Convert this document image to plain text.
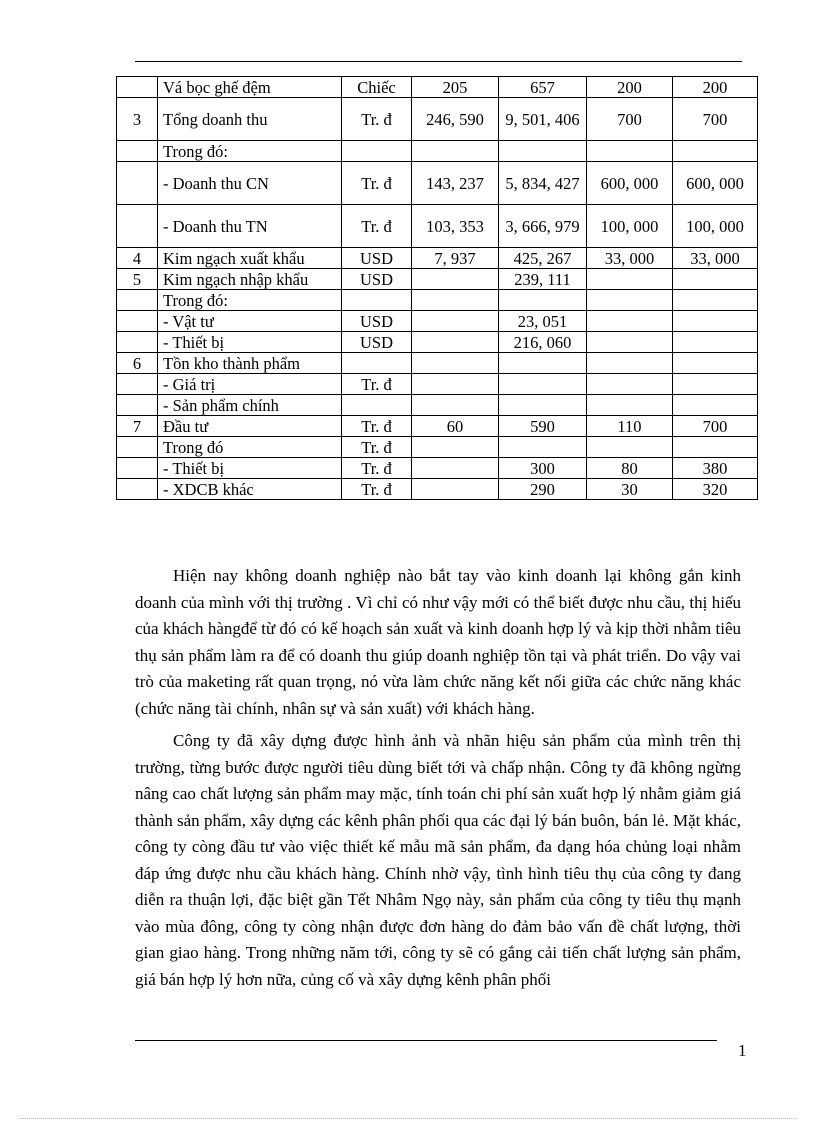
	Vá bọc ghế đệm	Chiếc	205	657	200	200
3	Tổng doanh thu	Tr. đ	246, 590	9, 501, 406	700	700
	Trong đó:					
	- Doanh thu CN	Tr. đ	143, 237	5, 834, 427	600, 000	600, 000
	- Doanh thu TN	Tr. đ	103, 353	3, 666, 979	100, 000	100, 000
4	Kim ngạch xuất khẩu	USD	7, 937	425, 267	33, 000	33, 000
5	Kim ngạch nhập khẩu	USD		239, 111		
	Trong đó:					
	- Vật tư	USD		23, 051		
	- Thiết bị	USD		216, 060		
6	Tồn kho thành phẩm					
	- Giá trị	Tr. đ				
	- Sản phẩm chính					
7	Đầu tư	Tr. đ	60	590	110	700
	Trong đó	Tr. đ				
	- Thiết bị	Tr. đ		300	80	380
	- XDCB khác	Tr. đ		290	30	320

Hiện nay không doanh nghiệp nào bắt tay vào kinh doanh lại không gắn kinh doanh của mình với thị trường . Vì chỉ có như vậy mới có thể biết được nhu cầu, thị hiếu của khách hàngđể từ đó có kế hoạch sản xuất và kinh doanh hợp lý và kịp thời nhằm tiêu thụ sản phẩm làm ra để có doanh thu giúp doanh nghiệp tồn tại và phát triển. Do vậy vai trò của maketing rất quan trọng, nó vừa làm chức năng kết nối giữa các chức năng khác (chức năng tài chính, nhân sự và sản xuất) với khách hàng.

Công ty đã xây dựng được hình ảnh và nhãn hiệu sản phẩm của mình trên thị trường, từng bước được người tiêu dùng biết tới và chấp nhận. Công ty đã không ngừng nâng cao chất lượng sản phẩm may mặc, tính toán chi phí sản xuất hợp lý nhằm giảm giá thành sản phẩm, xây dựng các kênh phân phối qua các đại lý bán buôn, bán lẻ. Mặt khác, công ty còng đầu tư vào việc thiết kế mẫu mã sản phẩm, đa dạng hóa chủng loại nhằm đáp ứng được nhu cầu khách hàng. Chính nhờ vậy, tình hình tiêu thụ của công ty đang diễn ra thuận lợi, đặc biệt gần Tết Nhâm Ngọ này, sản phẩm của công ty tiêu thụ mạnh vào mùa đông, công ty còng nhận được đơn hàng do đảm bảo vấn đề chất lượng, thời gian giao hàng. Trong những năm tới, công ty sẽ có gắng cải tiến chất lượng sản phẩm, giá bán hợp lý hơn nữa, củng cố và xây dựng kênh phân phối

1
